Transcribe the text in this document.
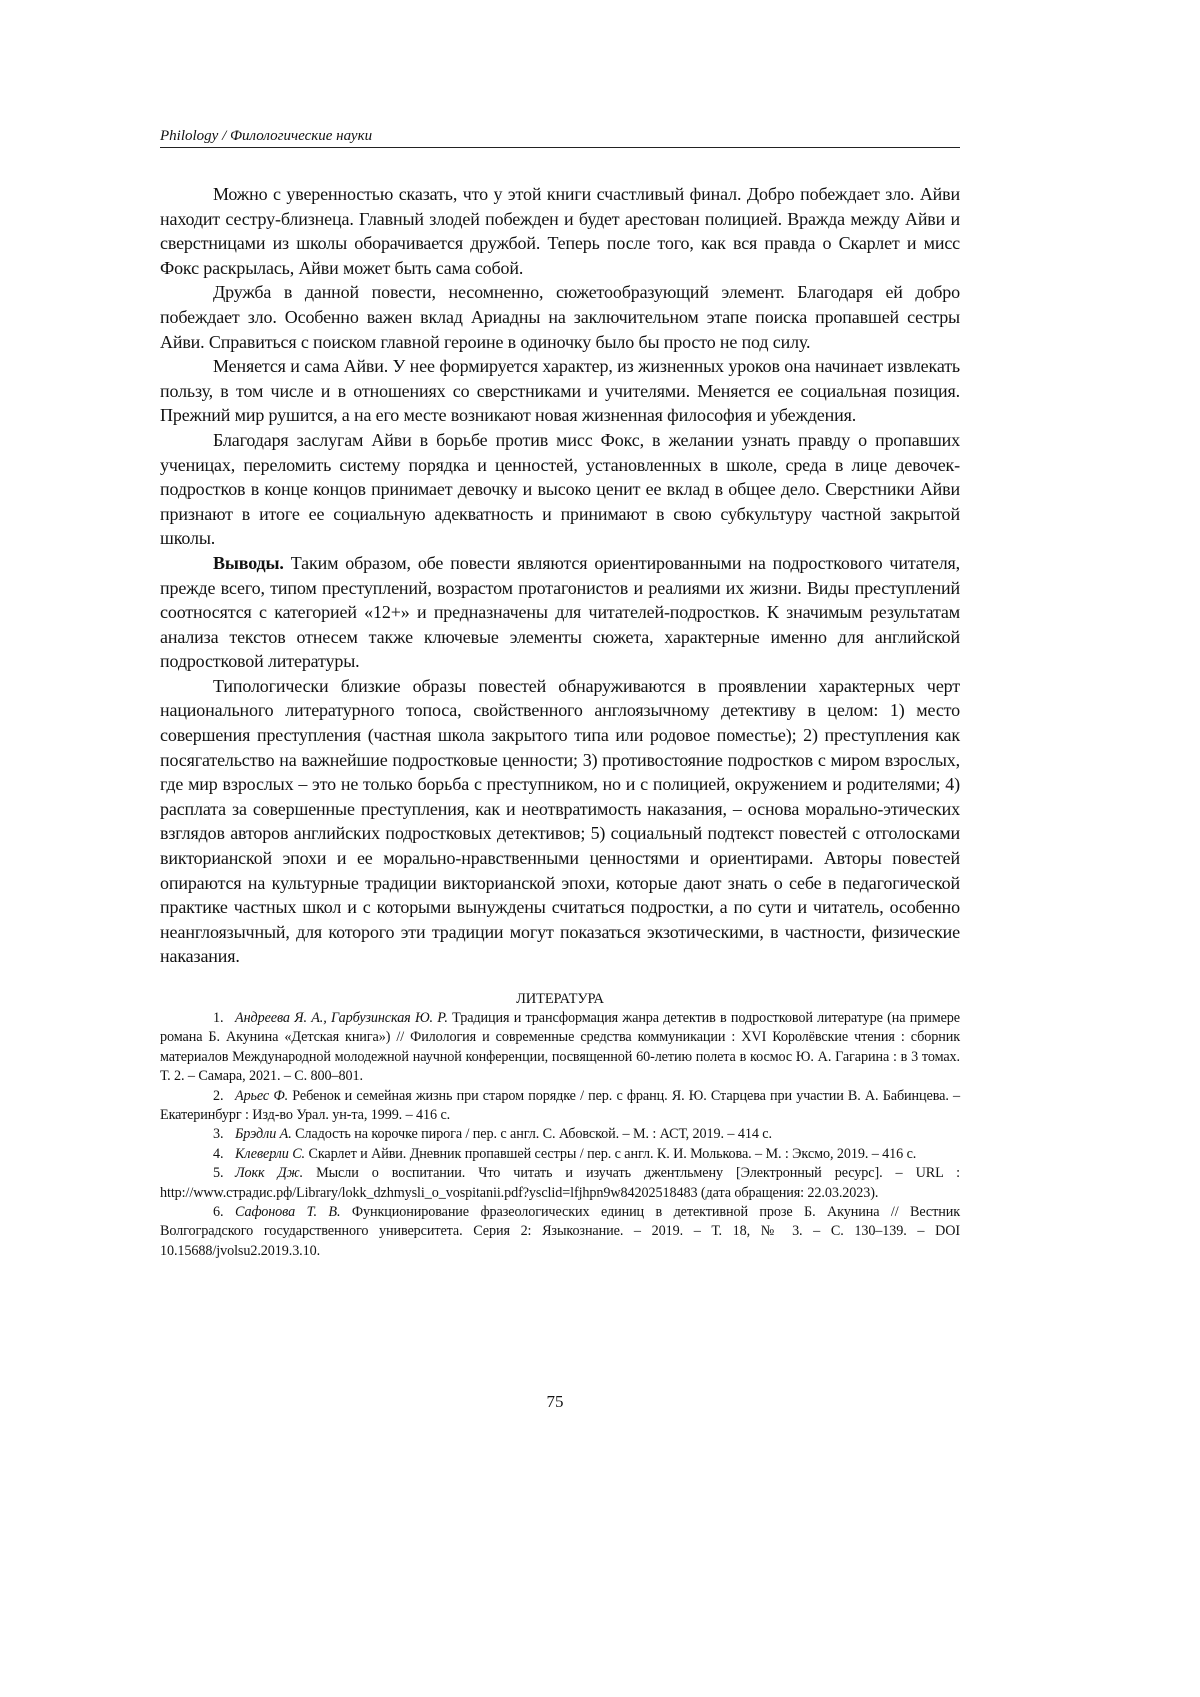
Philology / Филологические науки

Можно с уверенностью сказать, что у этой книги счастливый финал. Добро побеждает зло. Айви находит сестру-близнеца. Главный злодей побежден и будет арестован полицией. Вражда между Айви и сверстницами из школы оборачивается дружбой. Теперь после того, как вся правда о Скарлет и мисс Фокс раскрылась, Айви может быть сама собой.

Дружба в данной повести, несомненно, сюжетообразующий элемент. Благодаря ей добро побеждает зло. Особенно важен вклад Ариадны на заключительном этапе поиска пропавшей сестры Айви. Справиться с поиском главной героине в одиночку было бы просто не под силу.

Меняется и сама Айви. У нее формируется характер, из жизненных уроков она начинает извлекать пользу, в том числе и в отношениях со сверстниками и учителями. Меняется ее социальная позиция. Прежний мир рушится, а на его месте возникают новая жизненная философия и убеждения.

Благодаря заслугам Айви в борьбе против мисс Фокс, в желании узнать правду о пропавших ученицах, переломить систему порядка и ценностей, установленных в школе, среда в лице девочек-подростков в конце концов принимает девочку и высоко ценит ее вклад в общее дело. Сверстники Айви признают в итоге ее социальную адекватность и принимают в свою субкультуру частной закрытой школы.

Выводы. Таким образом, обе повести являются ориентированными на подросткового читателя, прежде всего, типом преступлений, возрастом протагонистов и реалиями их жизни. Виды преступлений соотносятся с категорией «12+» и предназначены для читателей-подростков. К значимым результатам анализа текстов отнесем также ключевые элементы сюжета, характерные именно для английской подростковой литературы.

Типологически близкие образы повестей обнаруживаются в проявлении характерных черт национального литературного топоса, свойственного англоязычному детективу в целом: 1) место совершения преступления (частная школа закрытого типа или родовое поместье); 2) преступления как посягательство на важнейшие подростковые ценности; 3) противостояние подростков с миром взрослых, где мир взрослых – это не только борьба с преступником, но и с полицией, окружением и родителями; 4) расплата за совершенные преступления, как и неотвратимость наказания, – основа морально-этических взглядов авторов английских подростковых детективов; 5) социальный подтекст повестей с отголосками викторианской эпохи и ее морально-нравственными ценностями и ориентирами. Авторы повестей опираются на культурные традиции викторианской эпохи, которые дают знать о себе в педагогической практике частных школ и с которыми вынуждены считаться подростки, а по сути и читатель, особенно неанглоязычный, для которого эти традиции могут показаться экзотическими, в частности, физические наказания.

ЛИТЕРАТУРА

1. Андреева Я. А., Гарбузинская Ю. Р. Традиция и трансформация жанра детектив в подростковой литературе (на примере романа Б. Акунина «Детская книга») // Филология и современные средства коммуникации : XVI Королёвские чтения : сборник материалов Международной молодежной научной конференции, посвященной 60-летию полета в космос Ю. А. Гагарина : в 3 томах. Т. 2. – Самара, 2021. – С. 800–801.

2. Арьес Ф. Ребенок и семейная жизнь при старом порядке / пер. с франц. Я. Ю. Старцева при участии В. А. Бабинцева. – Екатеринбург : Изд-во Урал. ун-та, 1999. – 416 с.

3. Брэдли А. Сладость на корочке пирога / пер. с англ. С. Абовской. – М. : АСТ, 2019. – 414 с.

4. Клеверли С. Скарлет и Айви. Дневник пропавшей сестры / пер. с англ. К. И. Молькова. – М. : Эксмо, 2019. – 416 с.

5. Локк Дж. Мысли о воспитании. Что читать и изучать джентльмену [Электронный ресурс]. – URL : http://www.страдис.рф/Library/lokk_dzhmysli_o_vospitanii.pdf?ysclid=lfjhpn9w84202518483 (дата обращения: 22.03.2023).

6. Сафонова Т. В. Функционирование фразеологических единиц в детективной прозе Б. Акунина // Вестник Волгоградского государственного университета. Серия 2: Языкознание. – 2019. – Т. 18, № 3. – С. 130–139. – DOI 10.15688/jvolsu2.2019.3.10.

75
